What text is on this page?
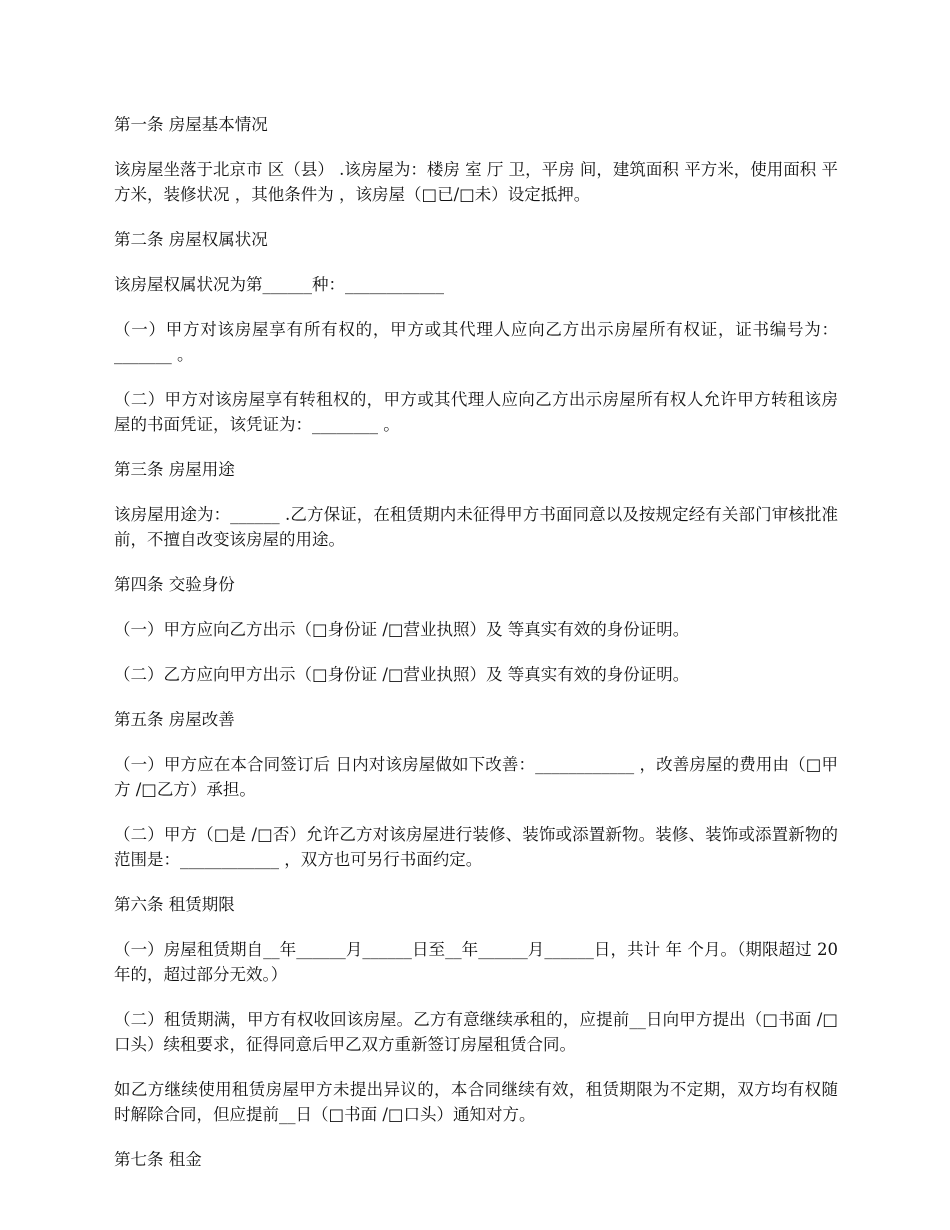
第一条 房屋基本情况
该房屋坐落于北京市 区（县） .该房屋为：楼房 室 厅 卫，平房 间，建筑面积 平方米，使用面积 平方米，装修状况 ，其他条件为 ，该房屋（□已/□未）设定抵押。
第二条 房屋权属状况
该房屋权属状况为第______种：____________
（一）甲方对该房屋享有所有权的，甲方或其代理人应向乙方出示房屋所有权证，证书编号为：_______ 。
（二）甲方对该房屋享有转租权的，甲方或其代理人应向乙方出示房屋所有权人允许甲方转租该房屋的书面凭证，该凭证为：________ 。
第三条 房屋用途
该房屋用途为：______ .乙方保证，在租赁期内未征得甲方书面同意以及按规定经有关部门审核批准前，不擅自改变该房屋的用途。
第四条 交验身份
（一）甲方应向乙方出示（□身份证 /□营业执照）及 等真实有效的身份证明。
（二）乙方应向甲方出示（□身份证 /□营业执照）及 等真实有效的身份证明。
第五条 房屋改善
（一）甲方应在本合同签订后 日内对该房屋做如下改善：____________ ，改善房屋的费用由（□甲方 /□乙方）承担。
（二）甲方（□是 /□否）允许乙方对该房屋进行装修、装饰或添置新物。装修、装饰或添置新物的范围是：____________ ，双方也可另行书面约定。
第六条 租赁期限
（一）房屋租赁期自__年______月______日至__年______月______日，共计 年 个月。（期限超过 20 年的，超过部分无效。）
（二）租赁期满，甲方有权收回该房屋。乙方有意继续承租的，应提前__日向甲方提出（□书面 /□口头）续租要求，征得同意后甲乙双方重新签订房屋租赁合同。
如乙方继续使用租赁房屋甲方未提出异议的，本合同继续有效，租赁期限为不定期，双方均有权随时解除合同，但应提前__日（□书面 /□口头）通知对方。
第七条 租金
